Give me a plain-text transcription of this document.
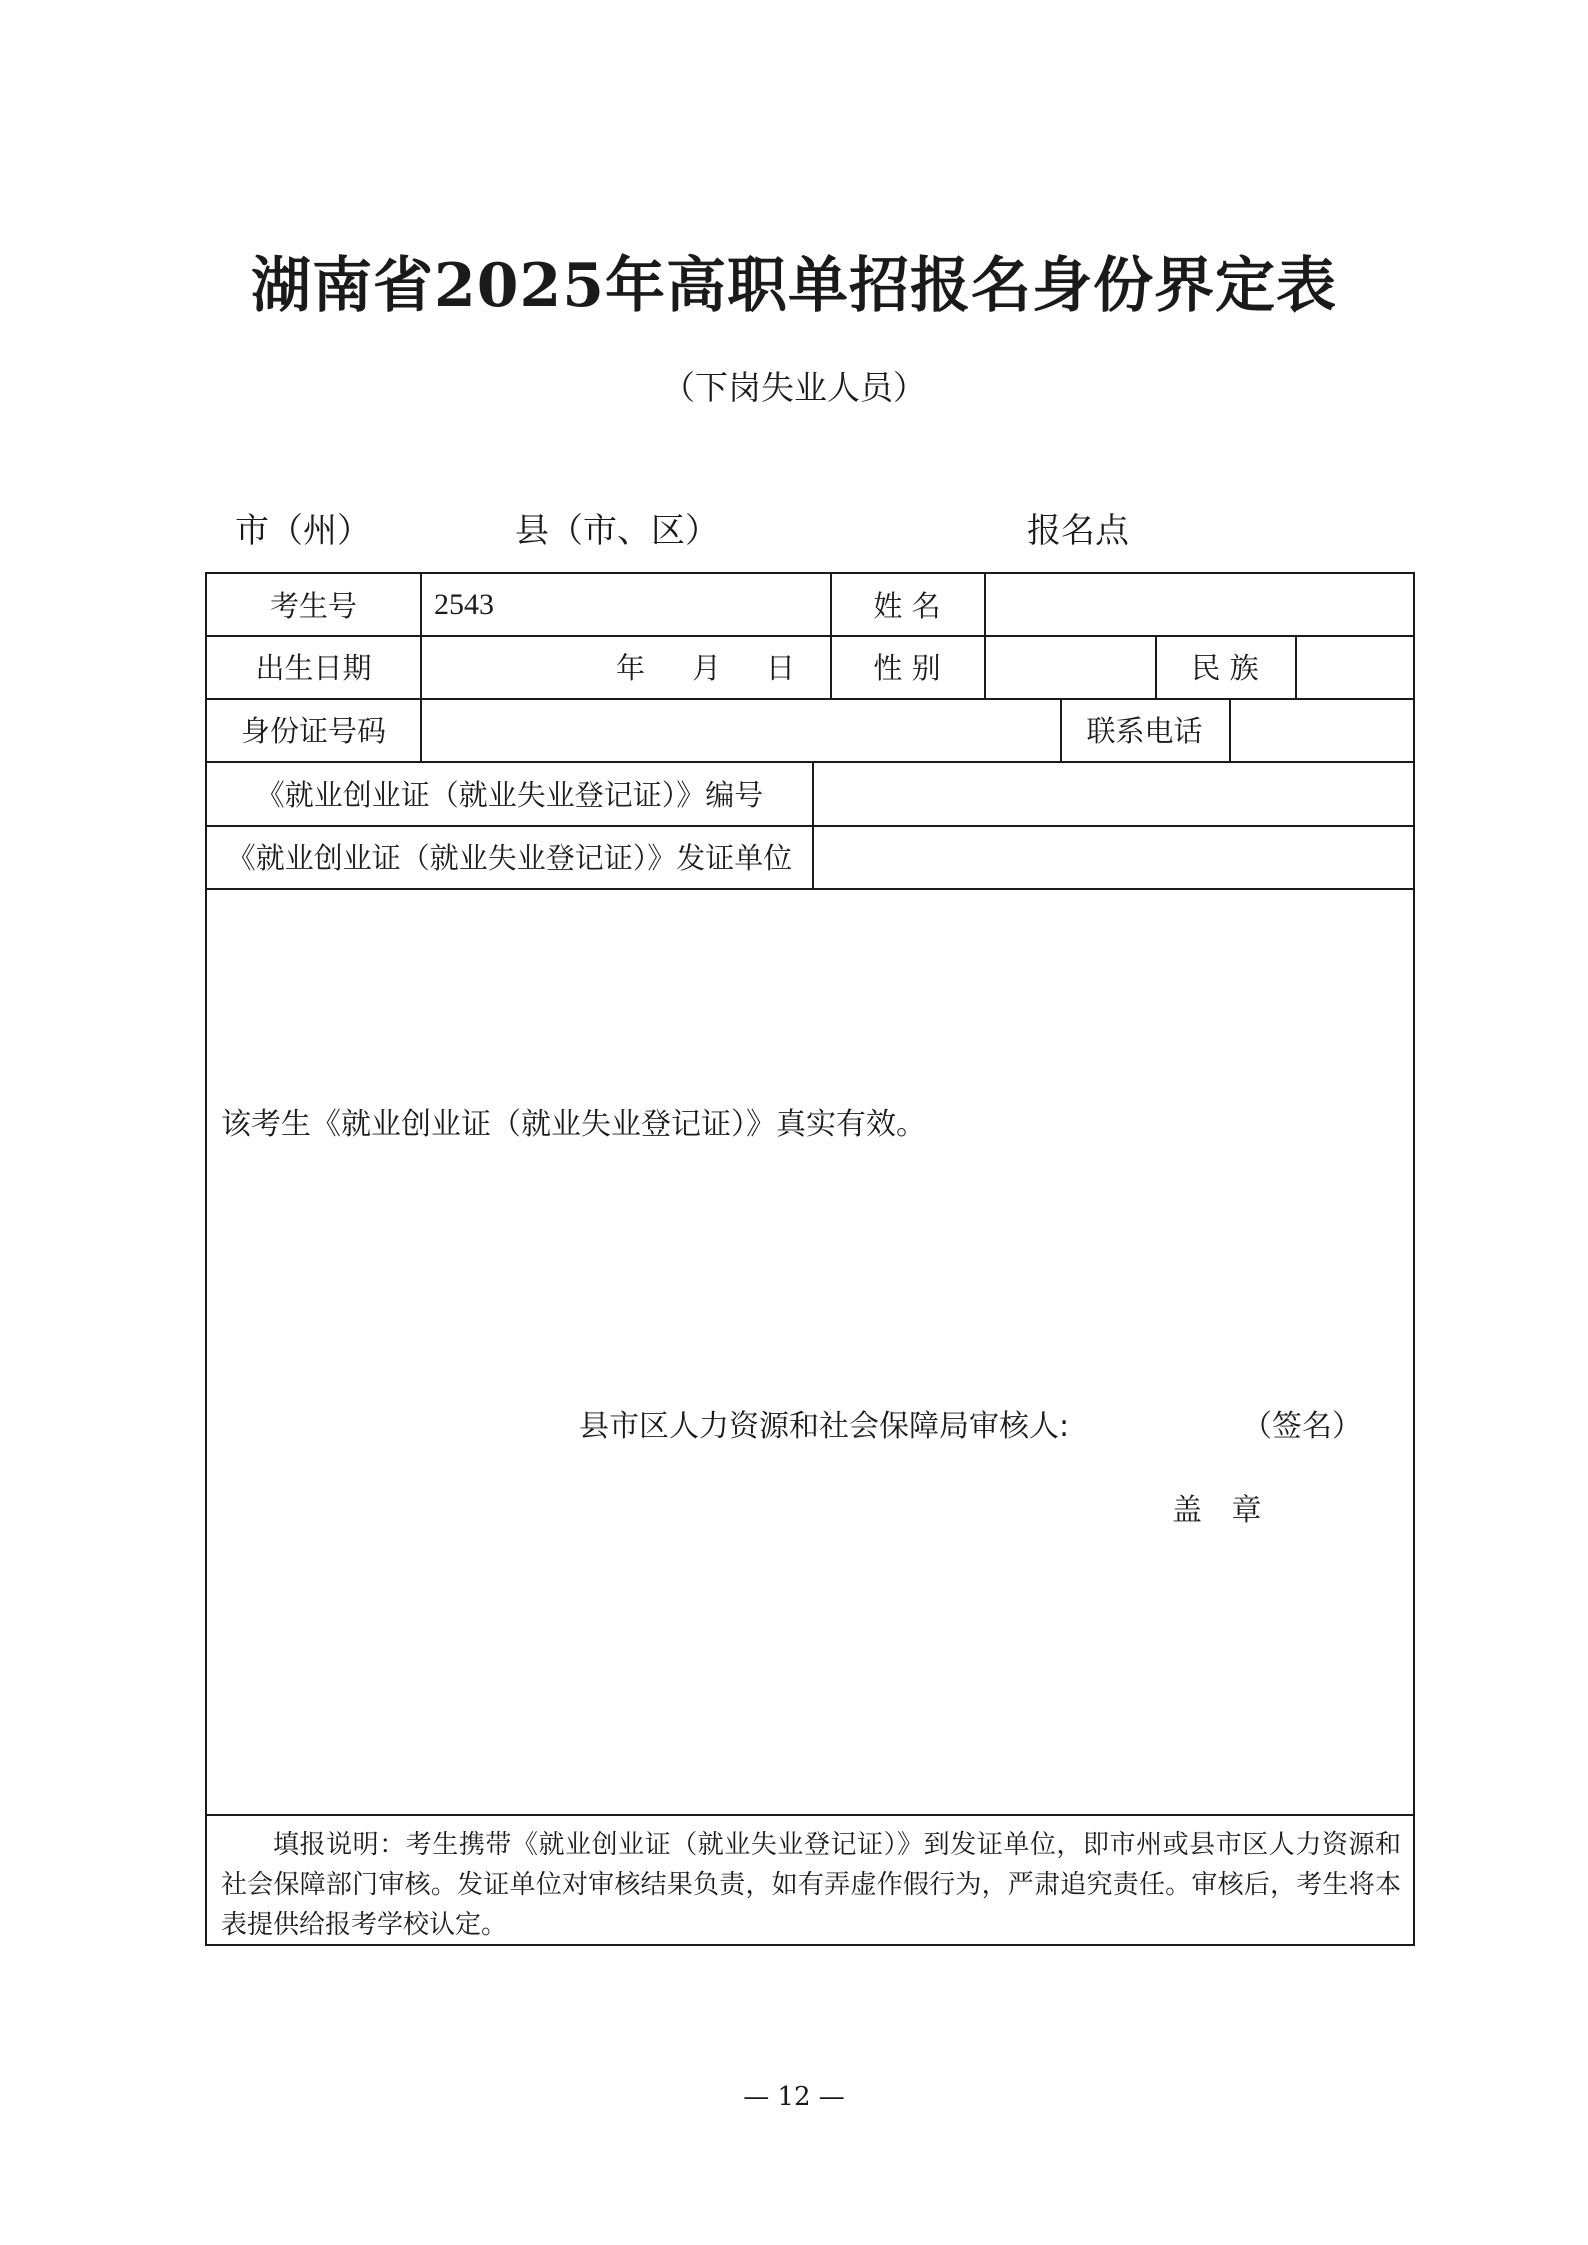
湖南省2025年高职单招报名身份界定表
（下岗失业人员）
市（州）	县（市、区）	报名点
考生号	2543	姓 名
出生日期	年 月 日	性 别	民 族
身份证号码	联系电话
《就业创业证（就业失业登记证）》编号
《就业创业证（就业失业登记证）》发证单位
该考生《就业创业证（就业失业登记证）》真实有效。
县市区人力资源和社会保障局审核人:	（签名）
盖 章
填报说明：考生携带《就业创业证（就业失业登记证）》到发证单位，即市州或县市区人力资源和社会保障部门审核。发证单位对审核结果负责，如有弄虚作假行为，严肃追究责任。审核后，考生将本表提供给报考学校认定。
— 12 —
